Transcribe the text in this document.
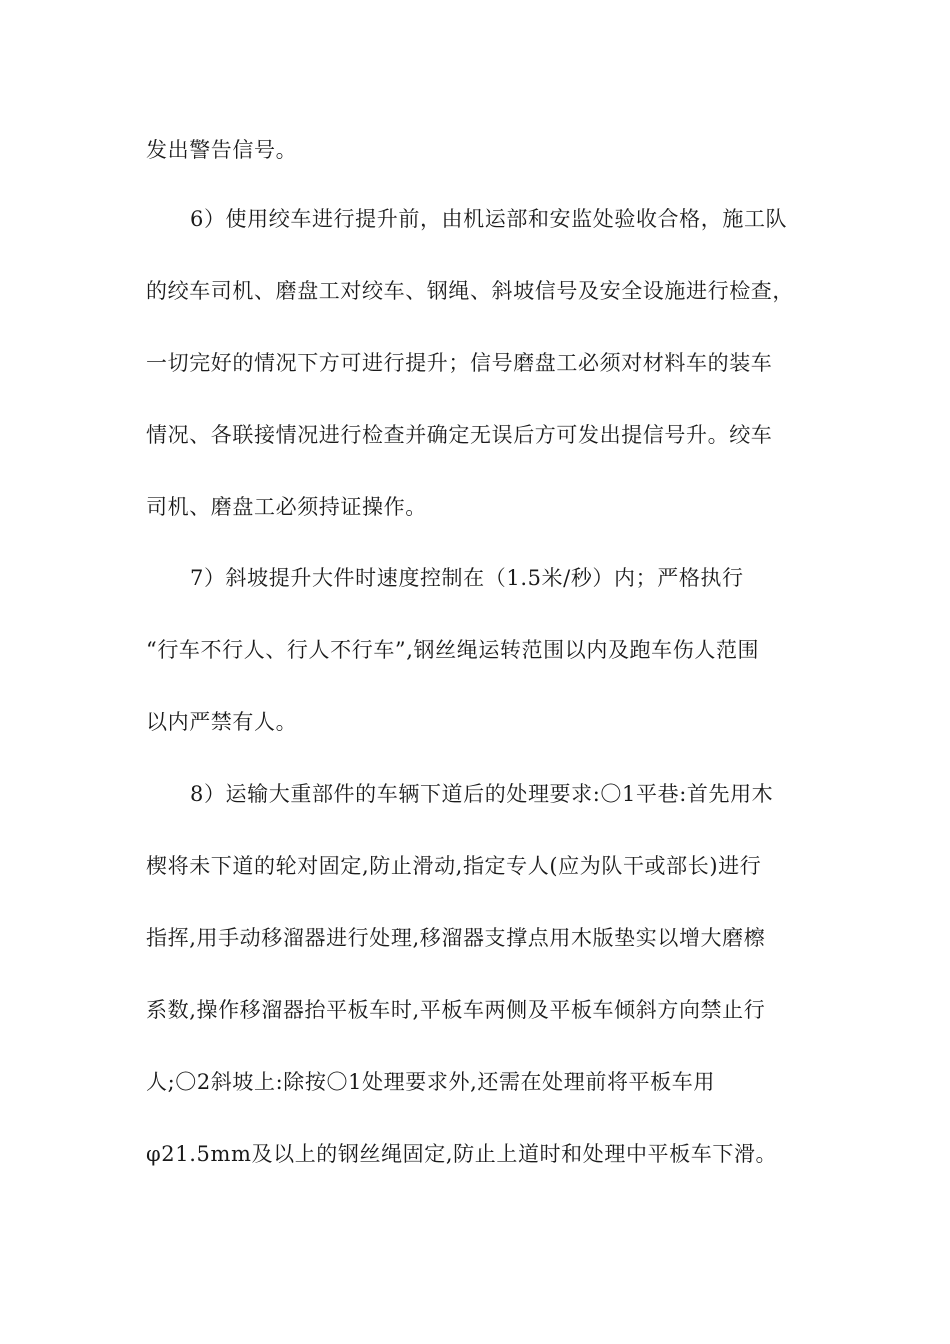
发出警告信号。
6）使用绞车进行提升前，由机运部和安监处验收合格，施工队
的绞车司机、磨盘工对绞车、钢绳、斜坡信号及安全设施进行检查，
一切完好的情况下方可进行提升；信号磨盘工必须对材料车的装车
情况、各联接情况进行检查并确定无误后方可发出提信号升。绞车
司机、磨盘工必须持证操作。
7）斜坡提升大件时速度控制在（1.5米/秒）内；严格执行
“行车不行人、行人不行车”,钢丝绳运转范围以内及跑车伤人范围
以内严禁有人。
8）运输大重部件的车辆下道后的处理要求:〇1平巷:首先用木
楔将未下道的轮对固定,防止滑动,指定专人(应为队干或部长)进行
指挥,用手动移溜器进行处理,移溜器支撑点用木版垫实以增大磨檫
系数,操作移溜器抬平板车时,平板车两侧及平板车倾斜方向禁止行
人;〇2斜坡上:除按〇1处理要求外,还需在处理前将平板车用
φ21.5mm及以上的钢丝绳固定,防止上道时和处理中平板车下滑。
